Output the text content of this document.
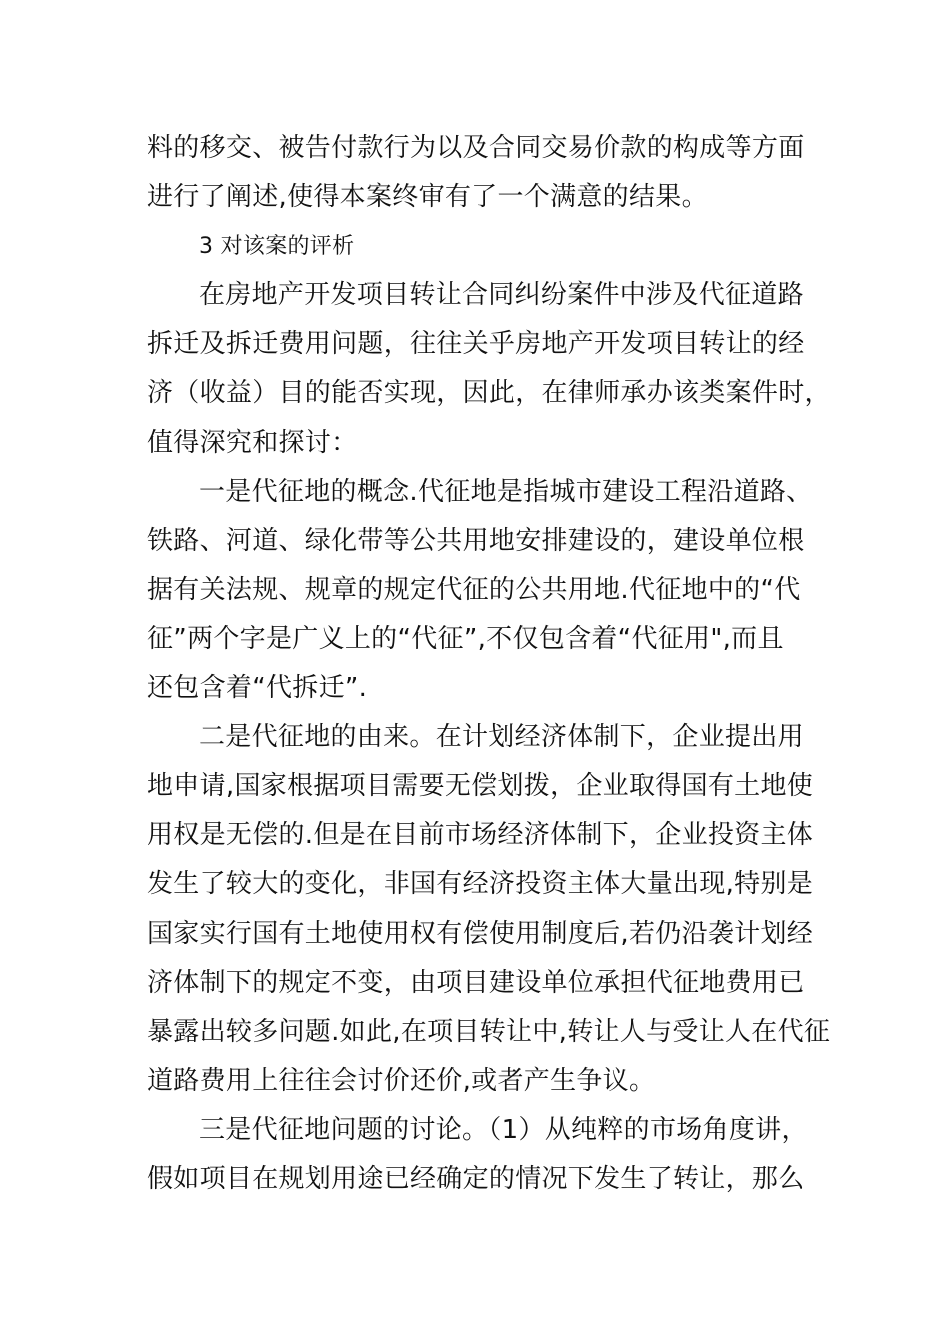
料的移交、被告付款行为以及合同交易价款的构成等方面
进行了阐述,使得本案终审有了一个满意的结果。
3 对该案的评析
在房地产开发项目转让合同纠纷案件中涉及代征道路
拆迁及拆迁费用问题，往往关乎房地产开发项目转让的经
济（收益）目的能否实现，因此，在律师承办该类案件时，
值得深究和探讨：
一是代征地的概念.代征地是指城市建设工程沿道路、
铁路、河道、绿化带等公共用地安排建设的，建设单位根
据有关法规、规章的规定代征的公共用地.代征地中的“代
征”两个字是广义上的“代征”,不仅包含着“代征用",而且
还包含着“代拆迁”.
二是代征地的由来。在计划经济体制下，企业提出用
地申请,国家根据项目需要无偿划拨，企业取得国有土地使
用权是无偿的.但是在目前市场经济体制下，企业投资主体
发生了较大的变化，非国有经济投资主体大量出现,特别是
国家实行国有土地使用权有偿使用制度后,若仍沿袭计划经
济体制下的规定不变，由项目建设单位承担代征地费用已
暴露出较多问题.如此,在项目转让中,转让人与受让人在代征
道路费用上往往会讨价还价,或者产生争议。
三是代征地问题的讨论。（1）从纯粹的市场角度讲，
假如项目在规划用途已经确定的情况下发生了转让，那么
